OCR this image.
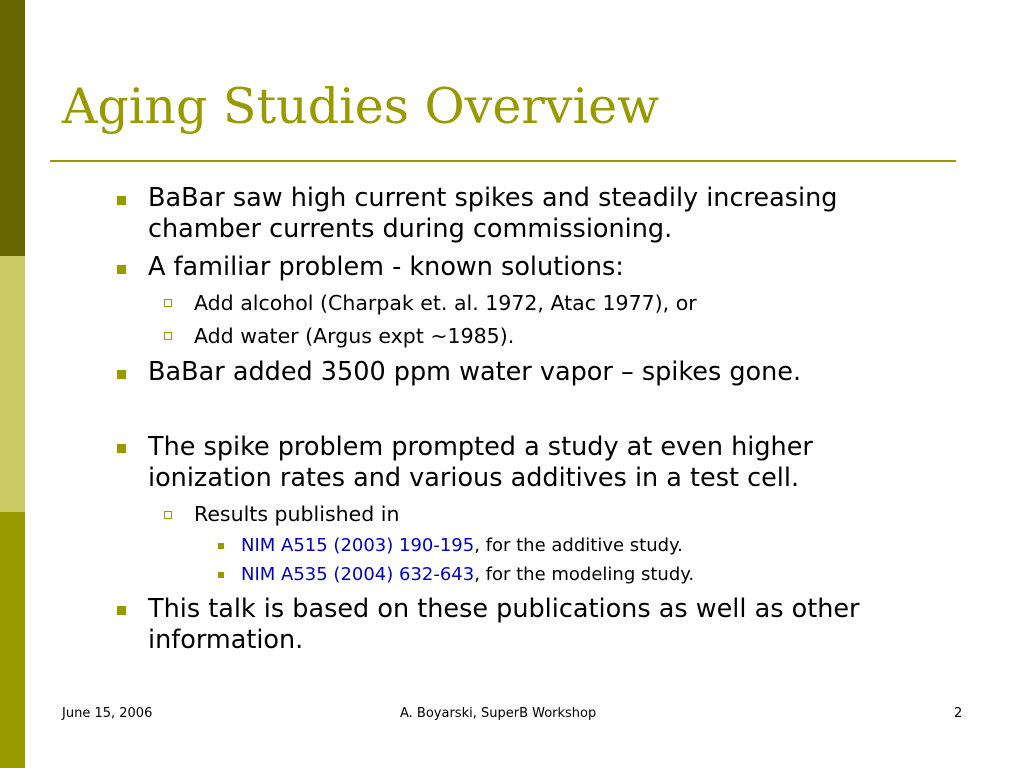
Aging Studies Overview
BaBar saw high current spikes and steadily increasing
chamber currents during commissioning.
A familiar problem - known solutions:
Add alcohol (Charpak et. al. 1972, Atac 1977), or
Add water (Argus expt ~1985).
BaBar added 3500 ppm water vapor – spikes gone.
The spike problem prompted a study at even higher
ionization rates and various additives in a test cell.
Results published in
NIM A515 (2003) 190-195, for the additive study.
NIM A535 (2004) 632-643, for the modeling study.
This talk is based on these publications as well as other
information.
June 15, 2006	A. Boyarski, SuperB Workshop	2
